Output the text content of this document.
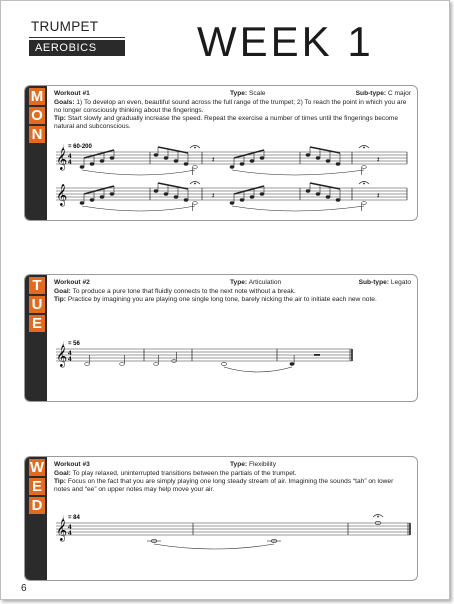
TRUMPET
AEROBICS	WEEK 1
M
O
N
Workout #1	Type: Scale	Sub-type: C major
Goals: 1) To develop an even, beautiful sound across the full range of the trumpet; 2) To reach the point in which you are no longer consciously thinking about the fingerings.
Tip: Start slowly and gradually increase the speed. Repeat the exercise a number of times until the fingerings become natural and subconscious.
♩= 60-200
𝄞
𝄞
4
4	𝄽	𝄽
𝄽	𝄽
T
U
E
Workout #2	Type: Articulation	Sub-type: Legato
Goal: To produce a pure tone that fluidly connects to the next note without a break.
Tip: Practice by imagining you are playing one single long tone, barely nicking the air to initiate each new note.
♩= 56
𝄞 4
4
W
E
D
Workout #3	Type: Flexibility
Goal: To play relaxed, uninterrupted transitions between the partials of the trumpet.
Tip: Focus on the fact that you are simply playing one long steady stream of air. Imagining the sounds “tah” on lower notes and “ee” on upper notes may help move your air.
♩= 84
𝄞 4
4
6
